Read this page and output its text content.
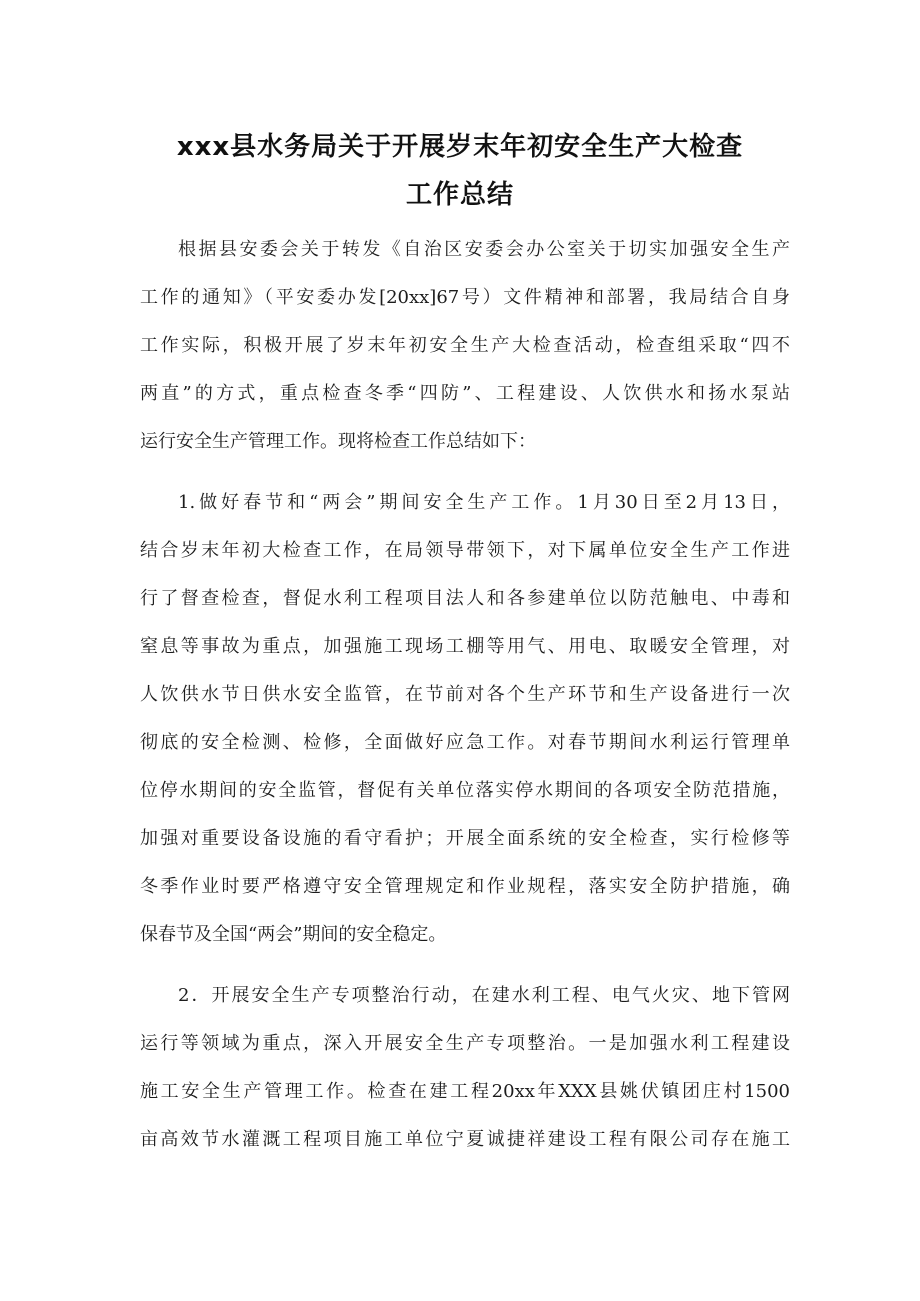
xxx县水务局关于开展岁末年初安全生产大检查
工作总结
根据县安委会关于转发《自治区安委会办公室关于切实加强安全生产
工作的通知》（平安委办发[20xx]67号）文件精神和部署，我局结合自身
工作实际，积极开展了岁末年初安全生产大检查活动，检查组采取“四不
两直”的方式，重点检查冬季“四防”、工程建设、人饮供水和扬水泵站
运行安全生产管理工作。现将检查工作总结如下：
1.做好春节和“两会”期间安全生产工作。1月30日至2月13日，
结合岁末年初大检查工作，在局领导带领下，对下属单位安全生产工作进
行了督查检查，督促水利工程项目法人和各参建单位以防范触电、中毒和
窒息等事故为重点，加强施工现场工棚等用气、用电、取暖安全管理，对
人饮供水节日供水安全监管，在节前对各个生产环节和生产设备进行一次
彻底的安全检测、检修，全面做好应急工作。对春节期间水利运行管理单
位停水期间的安全监管，督促有关单位落实停水期间的各项安全防范措施，
加强对重要设备设施的看守看护；开展全面系统的安全检查，实行检修等
冬季作业时要严格遵守安全管理规定和作业规程，落实安全防护措施，确
保春节及全国“两会”期间的安全稳定。
2．开展安全生产专项整治行动，在建水利工程、电气火灾、地下管网
运行等领域为重点，深入开展安全生产专项整治。一是加强水利工程建设
施工安全生产管理工作。检查在建工程20xx年XXX县姚伏镇团庄村1500
亩高效节水灌溉工程项目施工单位宁夏诚捷祥建设工程有限公司存在施工
